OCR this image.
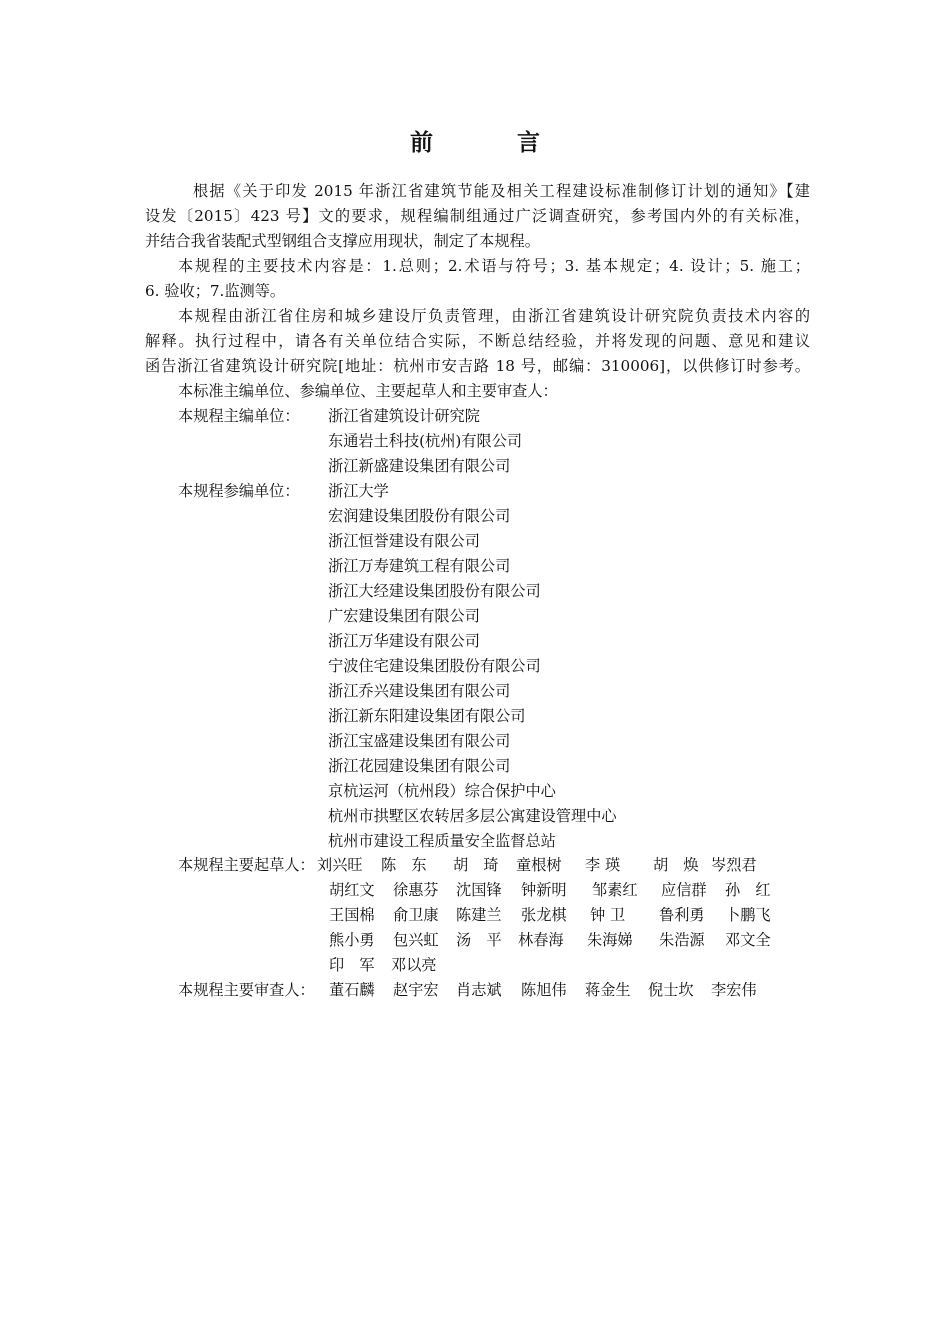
前 言
根据《关于印发 2015 年浙江省建筑节能及相关工程建设标准制修订计划的通知》【建
设发〔2015〕423 号】文的要求，规程编制组通过广泛调查研究，参考国内外的有关标准，
并结合我省装配式型钢组合支撑应用现状，制定了本规程。
本规程的主要技术内容是：1.总则；2.术语与符号；3. 基本规定；4. 设计；5. 施工；
6. 验收；7.监测等。
本规程由浙江省住房和城乡建设厅负责管理，由浙江省建筑设计研究院负责技术内容的
解释。执行过程中，请各有关单位结合实际，不断总结经验，并将发现的问题、意见和建议
函告浙江省建筑设计研究院[地址：杭州市安吉路 18 号，邮编：310006]，以供修订时参考。
本标准主编单位、参编单位、主要起草人和主要审查人：
本规程主编单位： 浙江省建筑设计研究院
东通岩土科技(杭州)有限公司
浙江新盛建设集团有限公司
本规程参编单位： 浙江大学
宏润建设集团股份有限公司
浙江恒誉建设有限公司
浙江万寿建筑工程有限公司
浙江大经建设集团股份有限公司
广宏建设集团有限公司
浙江万华建设有限公司
宁波住宅建设集团股份有限公司
浙江乔兴建设集团有限公司
浙江新东阳建设集团有限公司
浙江宝盛建设集团有限公司
浙江花园建设集团有限公司
京杭运河（杭州段）综合保护中心
杭州市拱墅区农转居多层公寓建设管理中心
杭州市建设工程质量安全监督总站
本规程主要起草人： 刘兴旺 陈　东 胡　琦 童根树 李 瑛 胡　焕 岑烈君
胡红文 徐惠芬 沈国锋 钟新明 邹素红 应信群 孙　红
王国棉 俞卫康 陈建兰 张龙棋 钟 卫 鲁利勇 卜鹏飞
熊小勇 包兴虹 汤　平 林春海 朱海娣 朱浩源 邓文全
印　军 邓以亮
本规程主要审查人： 董石麟 赵宇宏 肖志斌 陈旭伟 蒋金生 倪士坎 李宏伟
